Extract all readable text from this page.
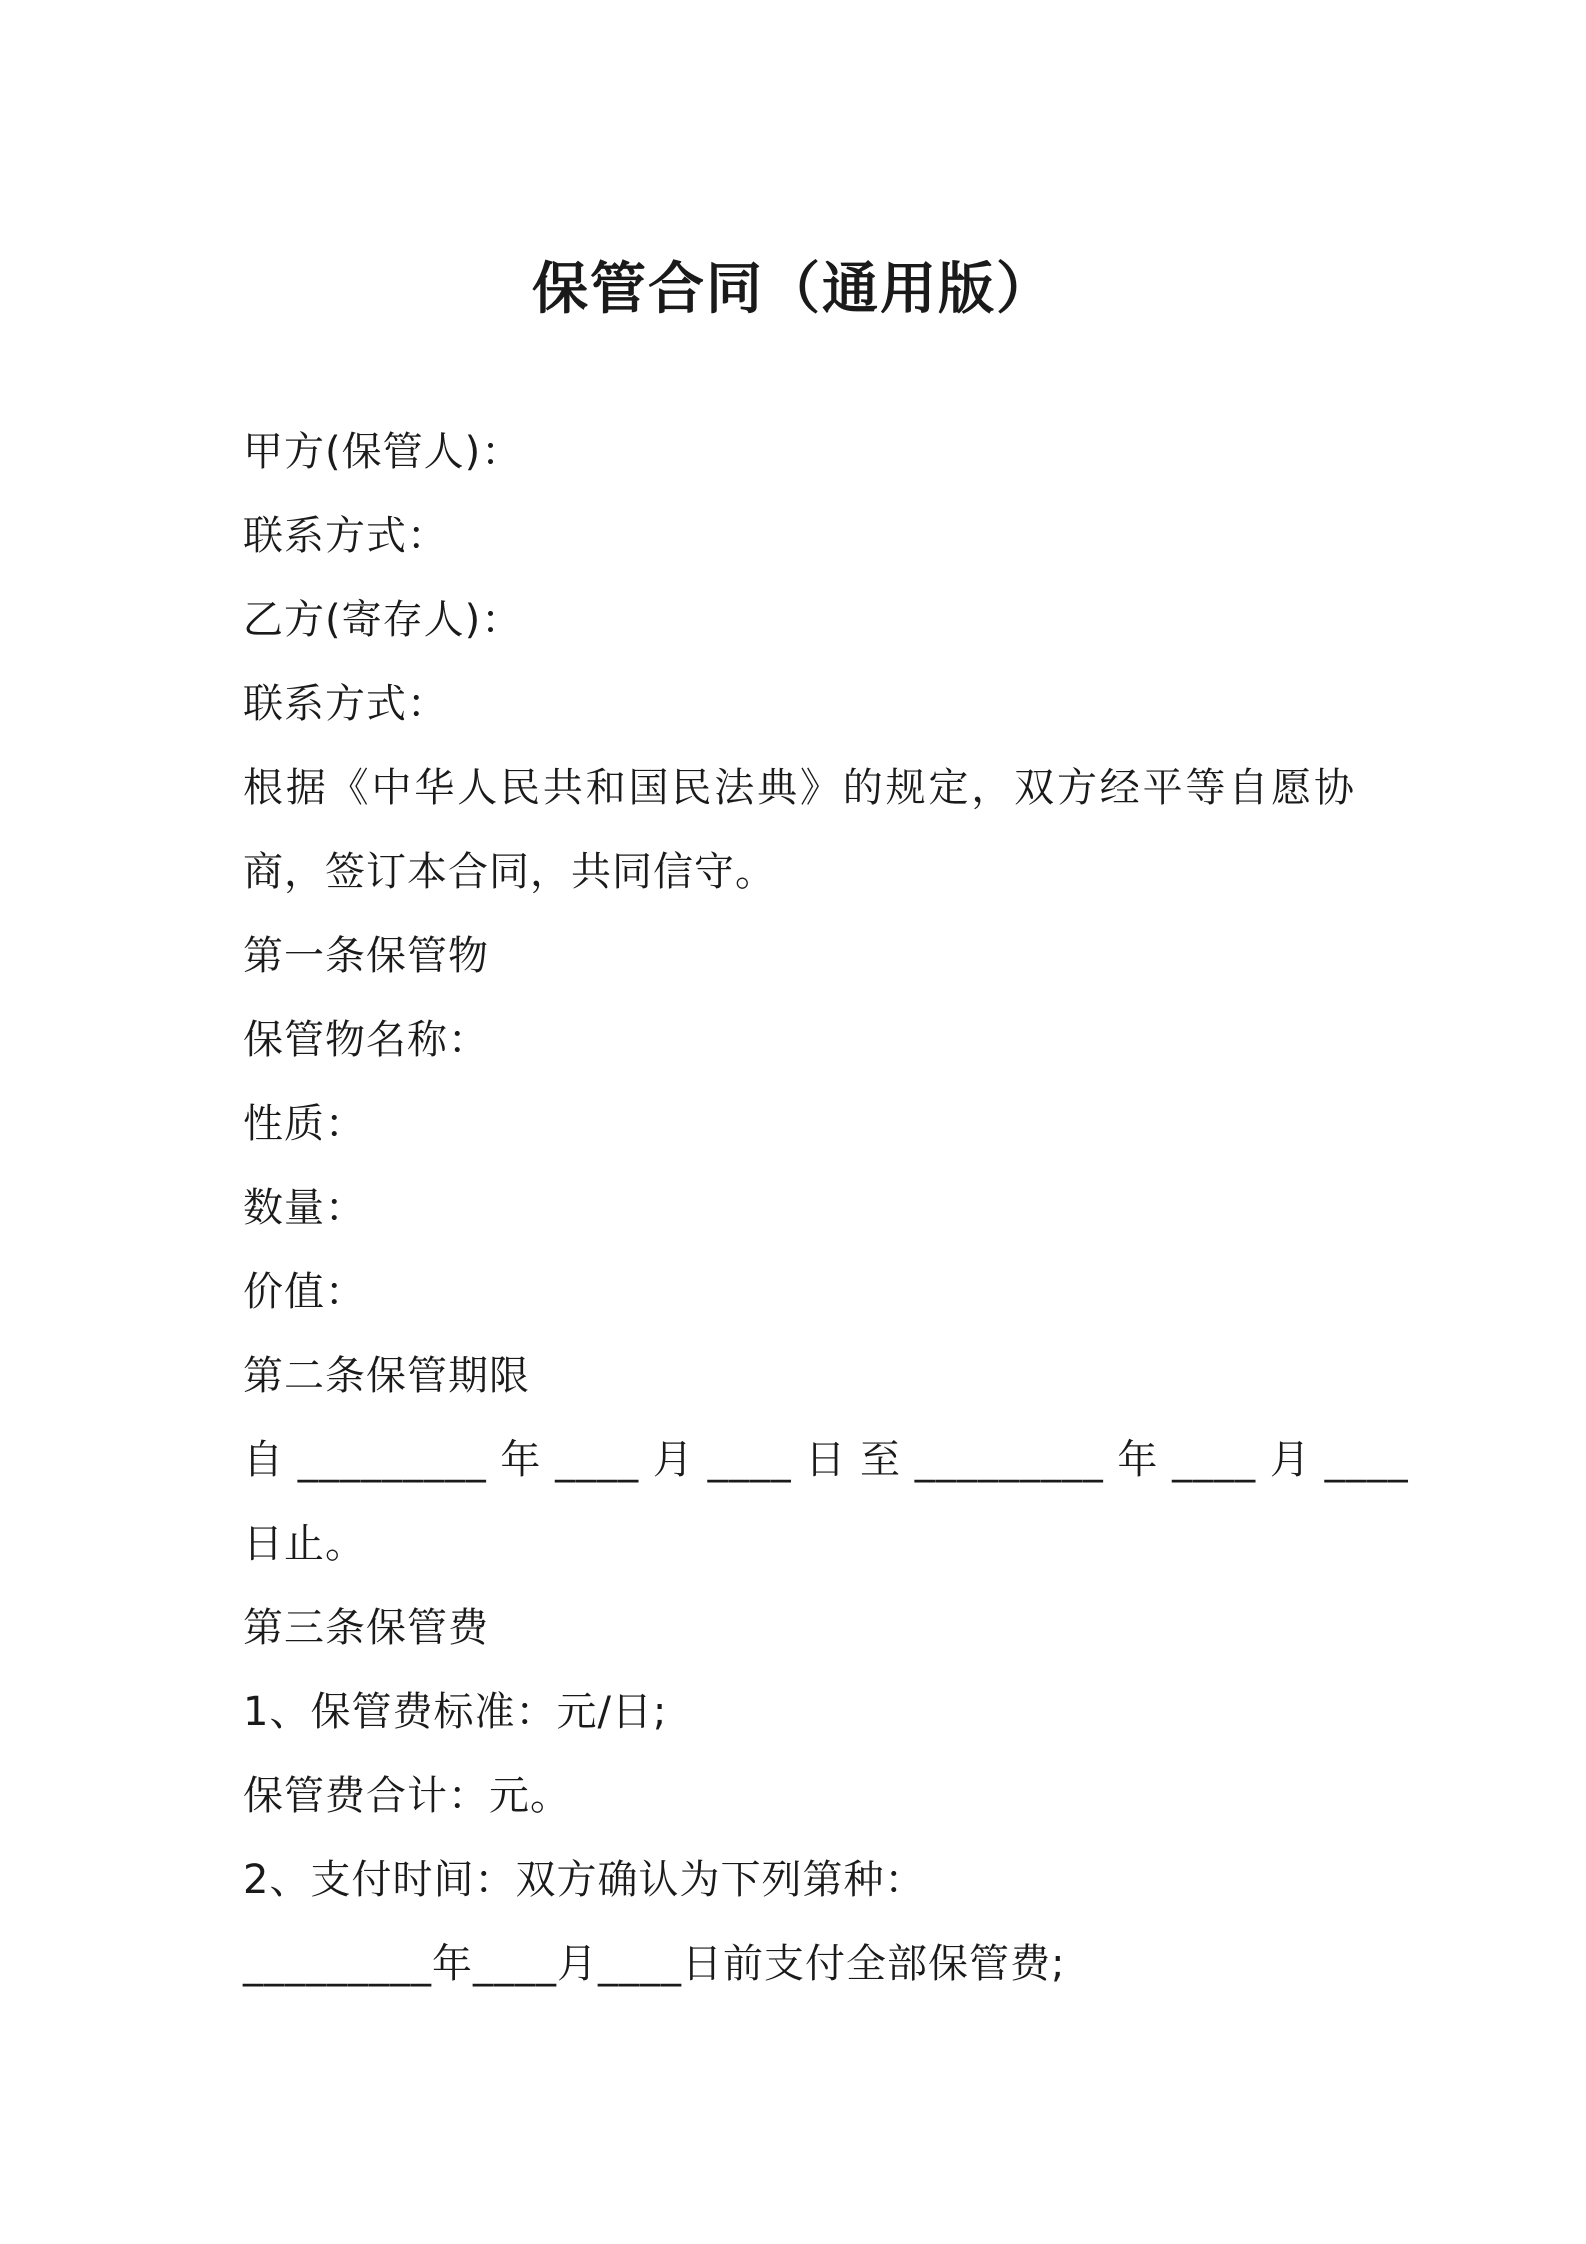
保管合同（通用版）
甲方(保管人)：
联系方式：
乙方(寄存人)：
联系方式：
根据《中华人民共和国民法典》的规定，双方经平等自愿协
商，签订本合同，共同信守。
第一条保管物
保管物名称：
性质：
数量：
价值：
第二条保管期限
自 _________ 年 ____ 月 ____ 日 至 _________ 年 ____ 月 ____
日止。
第三条保管费
1、保管费标准：元/日;
保管费合计：元。
2、支付时间：双方确认为下列第种：
_________年____月____日前支付全部保管费;
